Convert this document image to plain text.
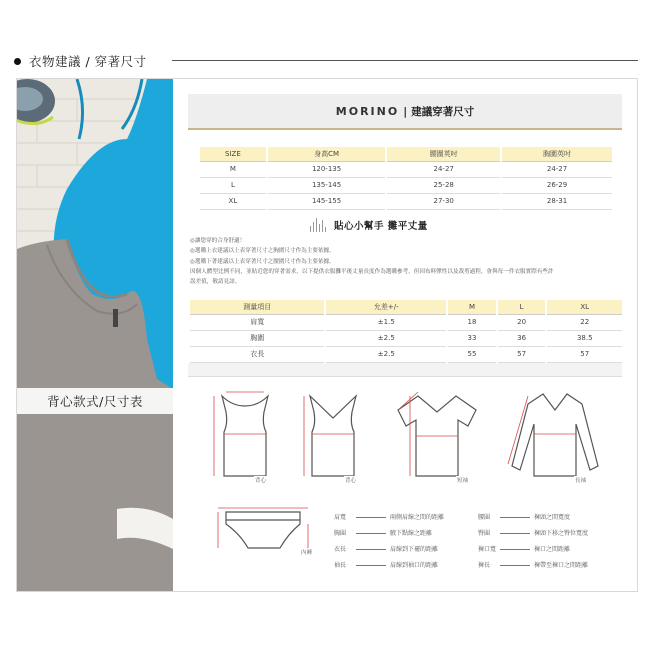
衣物建議 / 穿著尺寸
背心款式/尺寸表
MORINO | 建議穿著尺寸
SIZE	身高CM	腰圍英吋	胸圍英吋
M	120-135	24-27	24-27
L	135-145	25-28	26-29
XL	145-155	27-30	28-31
貼心小幫手 攤平丈量

◎讓您穿的合身舒適！

◎選購上衣建議以上表穿著尺寸之胸圍尺寸作為主要依據。

◎選購下著建議以上表穿著尺寸之腰圍尺寸作為主要依據。

因個人體型比例不同，並貼近您的穿著需求，以下提供衣服攤平後丈量長度作為選購參考，但因布料彈性以及裁剪過程，會與每一件衣服實際有些許

誤差值，敬請見諒。

測量項目	允差+/-	M	L	XL
肩寬	±1.5	18	20	22
胸圍	±2.5	33	36	38.5
衣長	±2.5	55	57	57
背心	背心	短袖	長袖
內褲
肩寬	兩側肩線之間的距離
胸圍	腋下點線之距離
衣長	肩線到下襬的距離
袖長	肩線到袖口的距離
腰圍	褲頭之間寬度
臀圍	褲頭下移之臀位寬度
褲口寬	褲口之間距離
褲長	褲帶至褲口之間距離
